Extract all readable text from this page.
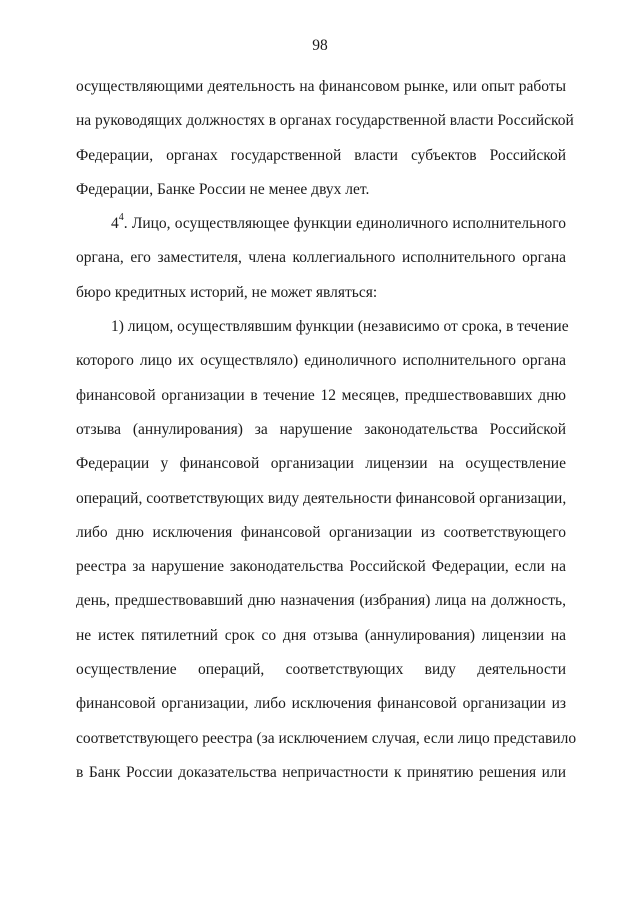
98
осуществляющими деятельность на финансовом рынке, или опыт работы
на руководящих должностях в органах государственной власти Российской
Федерации, органах государственной власти субъектов Российской
Федерации, Банке России не менее двух лет.
$4^4$. Лицо, осуществляющее функции единоличного исполнительного
органа, его заместителя, члена коллегиального исполнительного органа
бюро кредитных историй, не может являться:
1) лицом, осуществлявшим функции (независимо от срока, в течение
которого лицо их осуществляло) единоличного исполнительного органа
финансовой организации в течение 12 месяцев, предшествовавших дню
отзыва (аннулирования) за нарушение законодательства Российской
Федерации у финансовой организации лицензии на осуществление
операций, соответствующих виду деятельности финансовой организации,
либо дню исключения финансовой организации из соответствующего
реестра за нарушение законодательства Российской Федерации, если на
день, предшествовавший дню назначения (избрания) лица на должность,
не истек пятилетний срок со дня отзыва (аннулирования) лицензии на
осуществление операций, соответствующих виду деятельности
финансовой организации, либо исключения финансовой организации из
соответствующего реестра (за исключением случая, если лицо представило
в Банк России доказательства непричастности к принятию решения или
